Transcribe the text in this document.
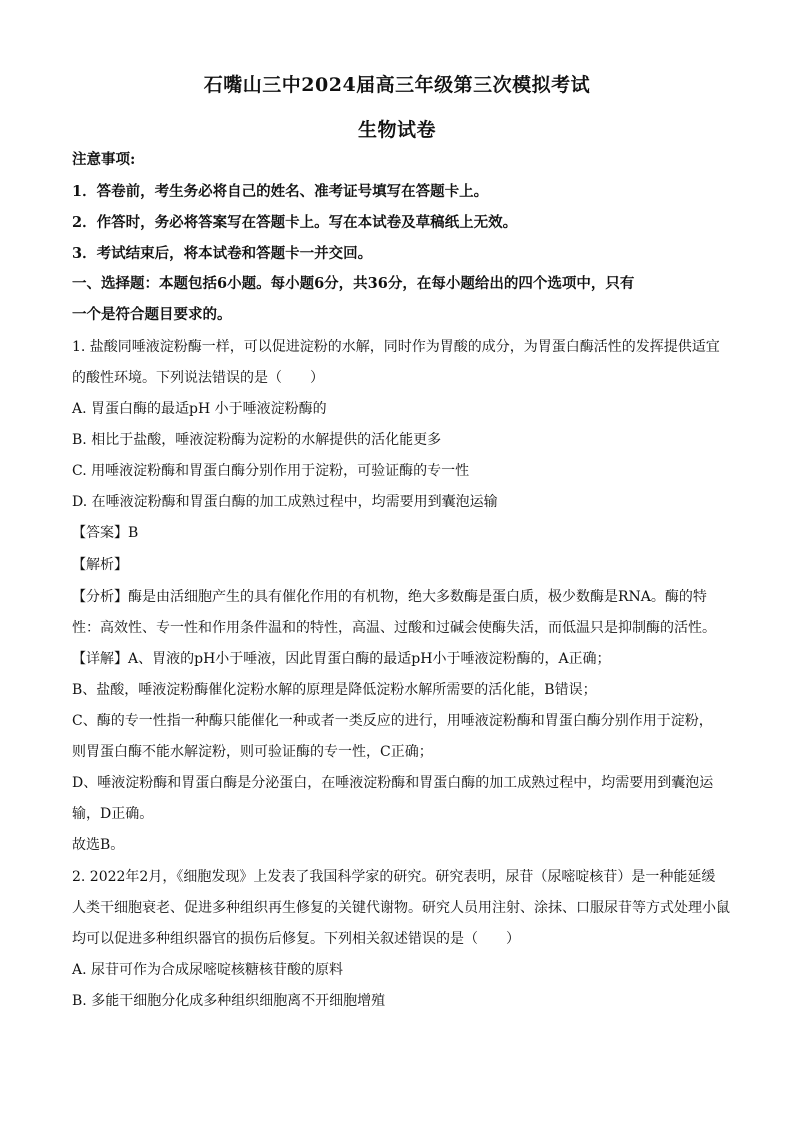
石嘴山三中2024届高三年级第三次模拟考试
生物试卷
注意事项:
1．答卷前，考生务必将自己的姓名、准考证号填写在答题卡上。
2．作答时，务必将答案写在答题卡上。写在本试卷及草稿纸上无效。
3．考试结束后，将本试卷和答题卡一并交回。
一、选择题：本题包括6小题。每小题6分，共36分，在每小题给出的四个选项中，只有
一个是符合题目要求的。
1. 盐酸同唾液淀粉酶一样，可以促进淀粉的水解，同时作为胃酸的成分，为胃蛋白酶活性的发挥提供适宜
的酸性环境。下列说法错误的是（　　）
A. 胃蛋白酶的最适pH 小于唾液淀粉酶的
B. 相比于盐酸，唾液淀粉酶为淀粉的水解提供的活化能更多
C. 用唾液淀粉酶和胃蛋白酶分别作用于淀粉，可验证酶的专一性
D. 在唾液淀粉酶和胃蛋白酶的加工成熟过程中，均需要用到囊泡运输
【答案】B
【解析】
【分析】酶是由活细胞产生的具有催化作用的有机物，绝大多数酶是蛋白质，极少数酶是RNA。酶的特
性：高效性、专一性和作用条件温和的特性，高温、过酸和过碱会使酶失活，而低温只是抑制酶的活性。
【详解】A、胃液的pH小于唾液，因此胃蛋白酶的最适pH小于唾液淀粉酶的，A正确；
B、盐酸，唾液淀粉酶催化淀粉水解的原理是降低淀粉水解所需要的活化能，B错误；
C、酶的专一性指一种酶只能催化一种或者一类反应的进行，用唾液淀粉酶和胃蛋白酶分别作用于淀粉，
则胃蛋白酶不能水解淀粉，则可验证酶的专一性，C正确；
D、唾液淀粉酶和胃蛋白酶是分泌蛋白，在唾液淀粉酶和胃蛋白酶的加工成熟过程中，均需要用到囊泡运
输，D正确。
故选B。
2. 2022年2月，《细胞发现》上发表了我国科学家的研究。研究表明，尿苷（尿嘧啶核苷）是一种能延缓
人类干细胞衰老、促进多种组织再生修复的关键代谢物。研究人员用注射、涂抹、口服尿苷等方式处理小鼠
均可以促进多种组织器官的损伤后修复。下列相关叙述错误的是（　　）
A. 尿苷可作为合成尿嘧啶核糖核苷酸的原料
B. 多能干细胞分化成多种组织细胞离不开细胞增殖
